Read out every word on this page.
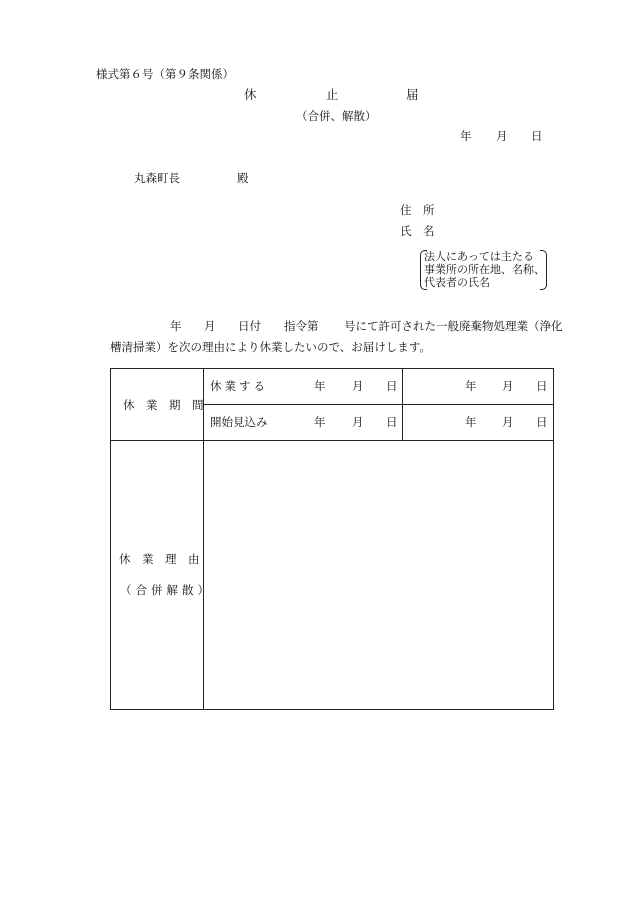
様式第６号（第９条関係）
休	止	届
（合併、解散）
年 月 日
丸森町長	殿
住　所
氏　名
法人にあっては主たる
事業所の所在地、名称、
代表者の氏名
年 月 日付 指令第 号にて許可された一般廃棄物処理業（浄化
槽清掃業）を次の理由により休業したいので、お届けします。
休　業　期　間	休業する 年 月 日	年 月 日

	開始見込み 年 月 日	年 月 日

休　業　理　由
（合併解散）		
